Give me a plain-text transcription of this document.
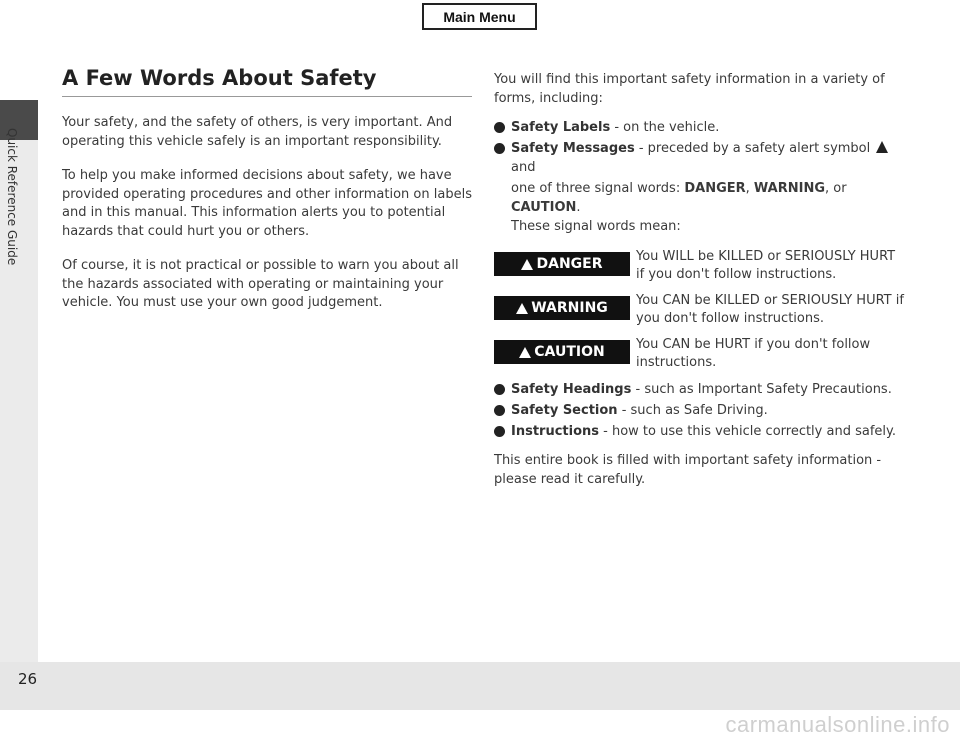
Main Menu
Quick Reference Guide
A Few Words About Safety

Your safety, and the safety of others, is very important. And operating this vehicle safely is an important responsibility.

To help you make informed decisions about safety, we have provided operating procedures and other information on labels and in this manual. This information alerts you to potential hazards that could hurt you or others.

Of course, it is not practical or possible to warn you about all the hazards associated with operating or maintaining your vehicle. You must use your own good judgement.

You will find this important safety information in a variety of forms, including:

Safety Labels - on the vehicle.
Safety Messages - preceded by a safety alert symbol  and

one of three signal words: DANGER, WARNING, or CAUTION.

These signal words mean:

DANGER	You WILL be KILLED or SERIOUSLY HURT if you don't follow instructions.
WARNING You CAN be KILLED or SERIOUSLY HURT if you don't follow instructions.
CAUTION You CAN be HURT if you don't follow instructions.
Safety Headings - such as Important Safety Precautions.
Safety Section - such as Safe Driving.
Instructions - how to use this vehicle correctly and safely.

This entire book is filled with important safety information - please read it carefully.

26
carmanualsonline.info
